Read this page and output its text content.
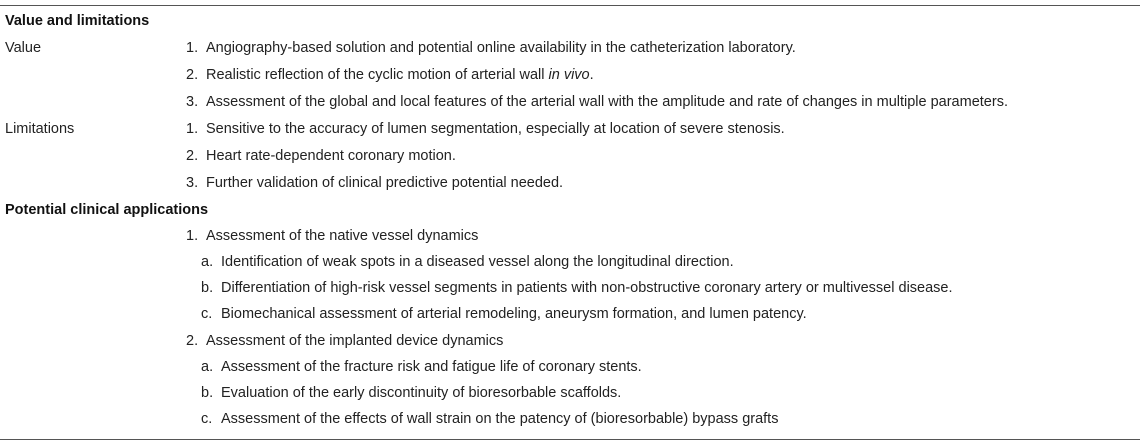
Value and limitations
Value	1. Angiography-based solution and potential online availability in the catheterization laboratory.
2. Realistic reflection of the cyclic motion of arterial wall in vivo.
3. Assessment of the global and local features of the arterial wall with the amplitude and rate of changes in multiple parameters.
Limitations	1. Sensitive to the accuracy of lumen segmentation, especially at location of severe stenosis.
2. Heart rate-dependent coronary motion.
3. Further validation of clinical predictive potential needed.
Potential clinical applications
1. Assessment of the native vessel dynamics
a. Identification of weak spots in a diseased vessel along the longitudinal direction.
b. Differentiation of high-risk vessel segments in patients with non-obstructive coronary artery or multivessel disease.
c. Biomechanical assessment of arterial remodeling, aneurysm formation, and lumen patency.
2. Assessment of the implanted device dynamics
a. Assessment of the fracture risk and fatigue life of coronary stents.
b. Evaluation of the early discontinuity of bioresorbable scaffolds.
c. Assessment of the effects of wall strain on the patency of (bioresorbable) bypass grafts
